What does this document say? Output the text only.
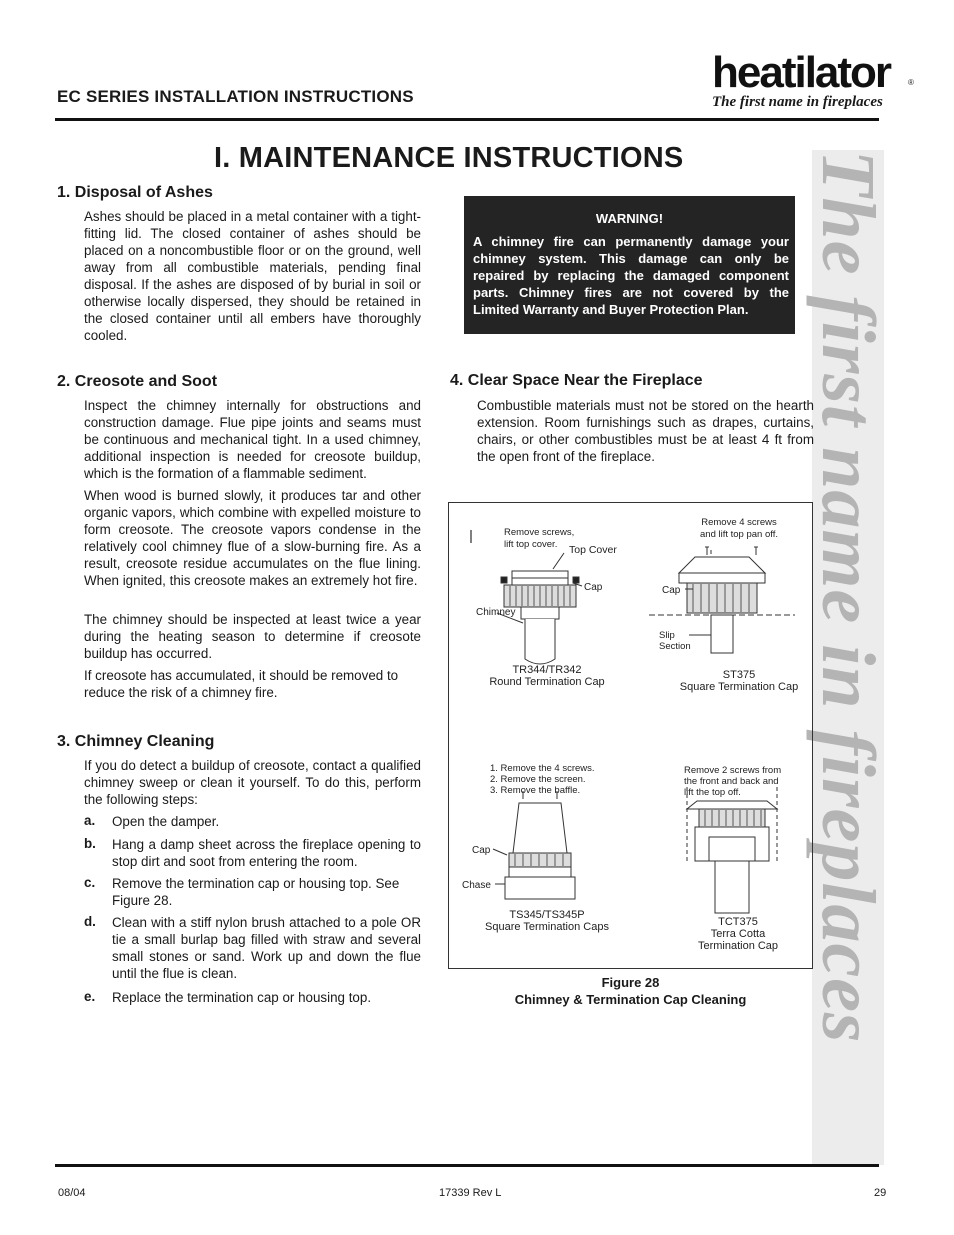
EC SERIES INSTALLATION INSTRUCTIONS	heatilator ®
The first name in fireplaces
I. MAINTENANCE INSTRUCTIONS The first name in fireplaces
1. Disposal of Ashes
Ashes should be placed in a metal container with a tight-fitting lid. The closed container of ashes should be placed on a noncombustible floor or on the ground, well away from all combustible materials, pending final disposal. If the ashes are disposed of by burial in soil or otherwise locally dispersed, they should be retained in the closed container until all embers have thoroughly cooled.
2. Creosote and Soot
Inspect the chimney internally for obstructions and construction damage. Flue pipe joints and seams must be continuous and mechanical tight. In a used chimney, additional inspection is needed for creosote buildup, which is the formation of a flammable sediment.
When wood is burned slowly, it produces tar and other organic vapors, which combine with expelled moisture to form creosote. The creosote vapors condense in the relatively cool chimney flue of a slow-burning fire. As a result, creosote residue accumulates on the flue lining. When ignited, this creosote makes an extremely hot fire.
The chimney should be inspected at least twice a year during the heating season to determine if creosote buildup has occurred.
If creosote has accumulated, it should be removed to reduce the risk of a chimney fire.
3. Chimney Cleaning
If you do detect a buildup of creosote, contact a qualified chimney sweep or clean it yourself. To do this, perform the following steps:
a. Open the damper.
b. Hang a damp sheet across the fireplace opening to stop dirt and soot from entering the room.
c. Remove the termination cap or housing top. See Figure 28.
d. Clean with a stiff nylon brush attached to a pole OR tie a small burlap bag filled with straw and several small stones or sand. Work up and down the flue until the flue is clean.
e. Replace the termination cap or housing top.
WARNING!
A chimney fire can permanently damage your chimney system. This damage can only be repaired by replacing the damaged component parts. Chimney fires are not covered by the Limited Warranty and Buyer Protection Plan.
4. Clear Space Near the Fireplace
Combustible materials must not be stored on the hearth extension. Room furnishings such as drapes, curtains, chairs, or other combustibles must be at least 4 ft from the open front of the fireplace.
Remove screws,
lift top cover. Top Cover
Cap
Chimney
TR344/TR342
Round Termination Cap
Remove 4 screws
and lift top pan off.
Cap
Slip
Section
ST375
Square Termination Cap
1. Remove the 4 screws.
2. Remove the screen.
3. Remove the baffle.
Cap
Chase
TS345/TS345P
Square Termination Caps
Remove 2 screws from
the front and back and
lift the top off.
TCT375
Terra Cotta
Termination Cap
Figure 28
Chimney & Termination Cap Cleaning
08/04	17339 Rev L	29
